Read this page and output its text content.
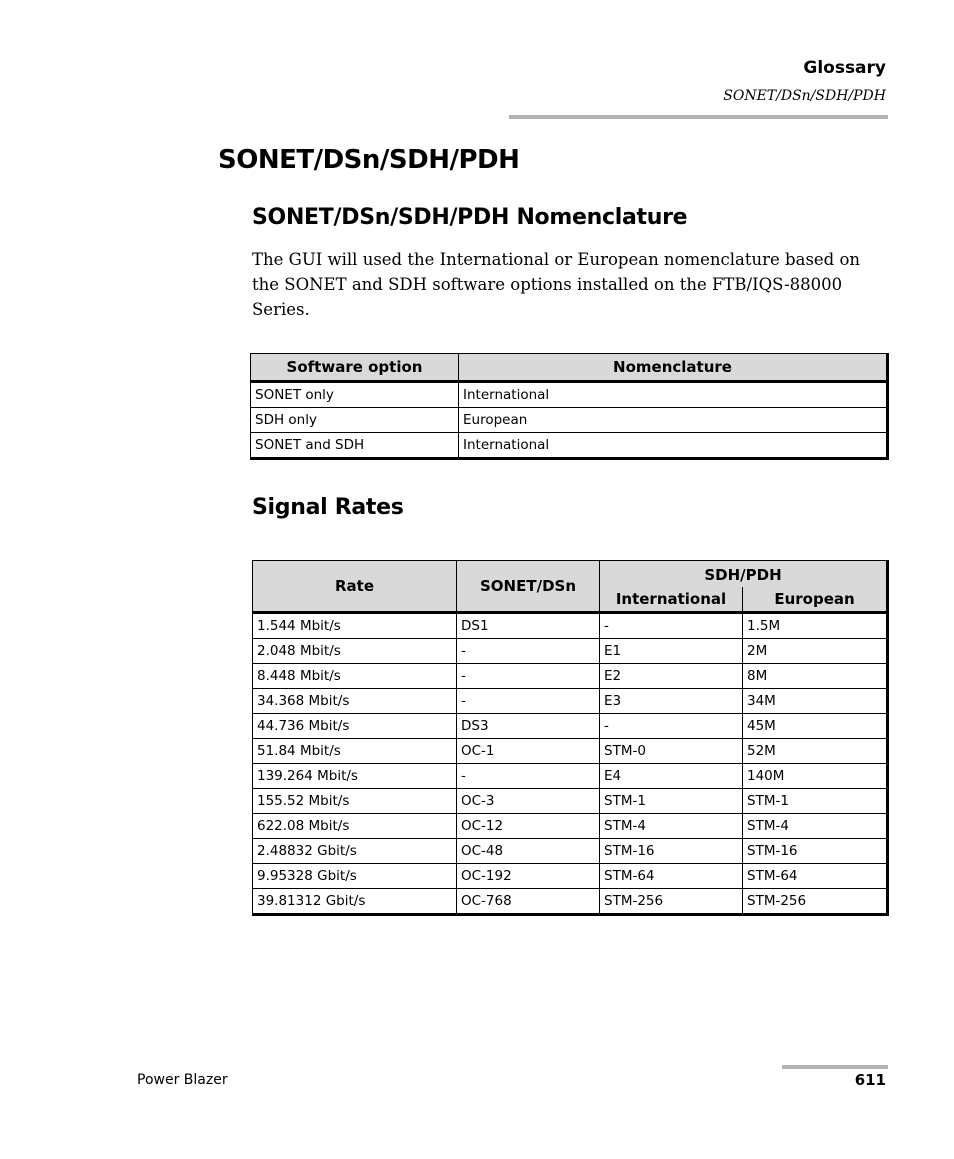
Glossary
SONET/DSn/SDH/PDH
SONET/DSn/SDH/PDH
SONET/DSn/SDH/PDH Nomenclature

The GUI will used the International or European nomenclature based on the SONET and SDH software options installed on the FTB/IQS-88000 Series.

Software option	Nomenclature
SONET only	International
SDH only	European
SONET and SDH	International
Signal Rates
Rate	SONET/DSn	SDH/PDH	
		International	European
1.544 Mbit/s	DS1	-	1.5M
2.048 Mbit/s	-	E1	2M
8.448 Mbit/s	-	E2	8M
34.368 Mbit/s	-	E3	34M
44.736 Mbit/s	DS3	-	45M
51.84 Mbit/s	OC-1	STM-0	52M
139.264 Mbit/s	-	E4	140M
155.52 Mbit/s	OC-3	STM-1	STM-1
622.08 Mbit/s	OC-12	STM-4	STM-4
2.48832 Gbit/s	OC-48	STM-16	STM-16
9.95328 Gbit/s	OC-192	STM-64	STM-64
39.81312 Gbit/s	OC-768	STM-256	STM-256
Power Blazer	611
